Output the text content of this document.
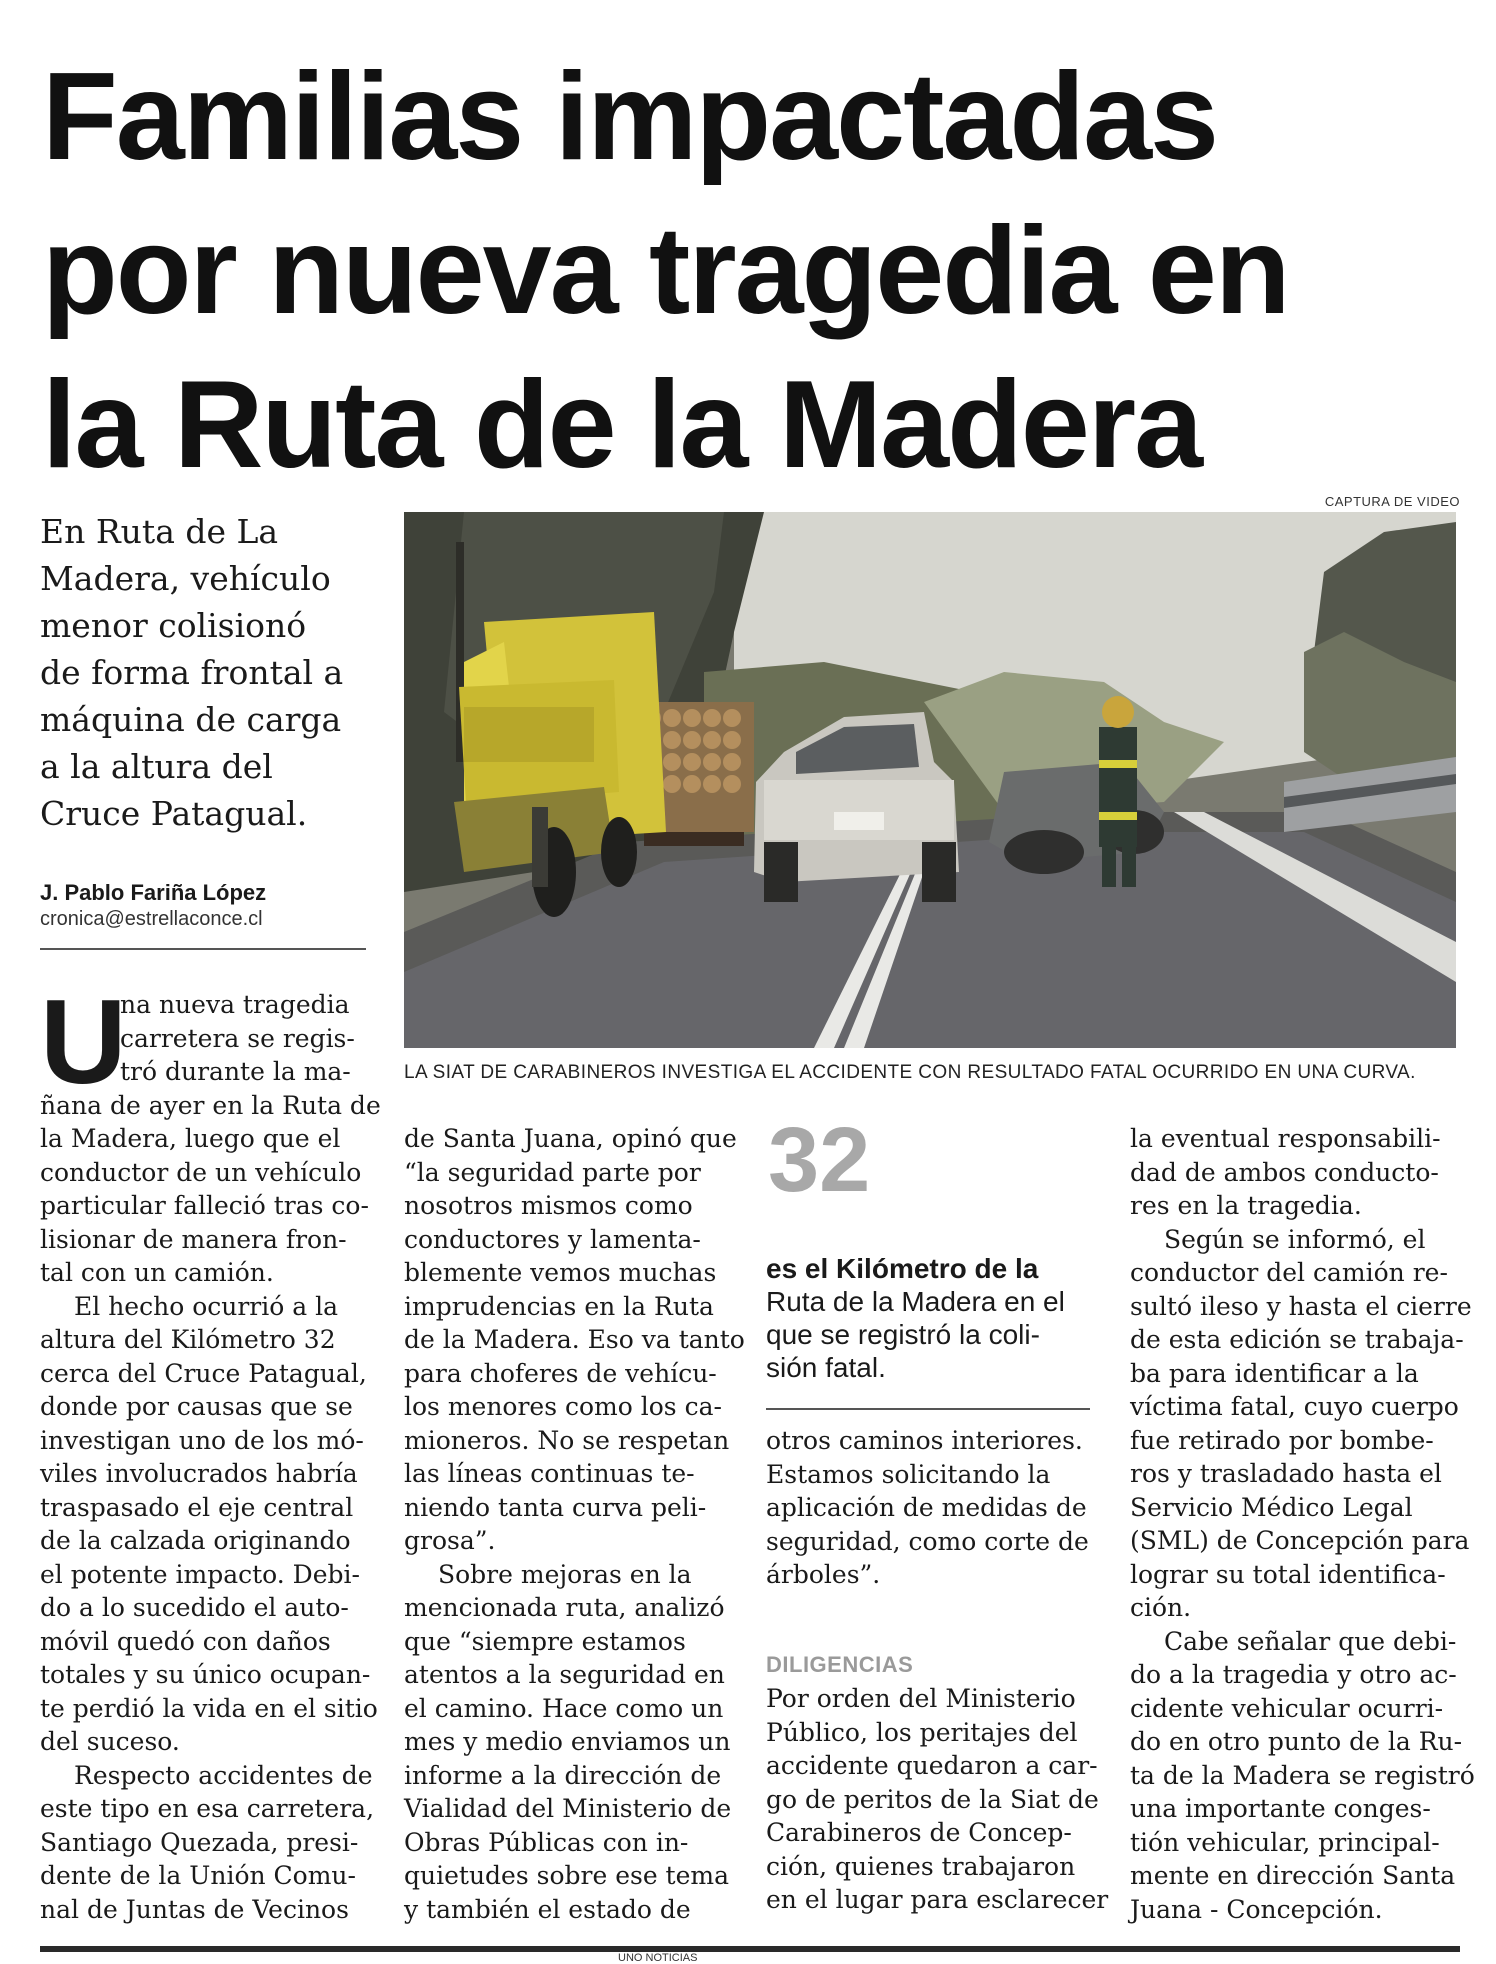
Familias impactadas
por nueva tragedia en
la Ruta de la Madera
CAPTURA DE VIDEO
LA SIAT DE CARABINEROS INVESTIGA EL ACCIDENTE CON RESULTADO FATAL OCURRIDO EN UNA CURVA.
En Ruta de La
Madera, vehículo
menor colisionó
de forma frontal a
máquina de carga
a la altura del
Cruce Patagual.
J. Pablo Fariña López
cronica@estrellaconce.cl
U
na nueva tragedia
carretera se regis-
tró durante la ma-
ñana de ayer en la Ruta de
la Madera, luego que el
conductor de un vehículo
particular falleció tras co-
lisionar de manera fron-
tal con un camión.
El hecho ocurrió a la
altura del Kilómetro 32
cerca del Cruce Patagual,
donde por causas que se
investigan uno de los mó-
viles involucrados habría
traspasado el eje central
de la calzada originando
el potente impacto. Debi-
do a lo sucedido el auto-
móvil quedó con daños
totales y su único ocupan-
te perdió la vida en el sitio
del suceso.
Respecto accidentes de
este tipo en esa carretera,
Santiago Quezada, presi-
dente de la Unión Comu-
nal de Juntas de Vecinos
de Santa Juana, opinó que
“la seguridad parte por
nosotros mismos como
conductores y lamenta-
blemente vemos muchas
imprudencias en la Ruta
de la Madera. Eso va tanto
para choferes de vehícu-
los menores como los ca-
mioneros. No se respetan
las líneas continuas te-
niendo tanta curva peli-
grosa”.
Sobre mejoras en la
mencionada ruta, analizó
que “siempre estamos
atentos a la seguridad en
el camino. Hace como un
mes y medio enviamos un
informe a la dirección de
Vialidad del Ministerio de
Obras Públicas con in-
quietudes sobre ese tema
y también el estado de
32
es el Kilómetro de la
Ruta de la Madera en el
que se registró la coli-
sión fatal.
otros caminos interiores.
Estamos solicitando la
aplicación de medidas de
seguridad, como corte de
árboles”.
DILIGENCIAS
Por orden del Ministerio
Público, los peritajes del
accidente quedaron a car-
go de peritos de la Siat de
Carabineros de Concep-
ción, quienes trabajaron
en el lugar para esclarecer
la eventual responsabili-
dad de ambos conducto-
res en la tragedia.
Según se informó, el
conductor del camión re-
sultó ileso y hasta el cierre
de esta edición se trabaja-
ba para identificar a la
víctima fatal, cuyo cuerpo
fue retirado por bombe-
ros y trasladado hasta el
Servicio Médico Legal
(SML) de Concepción para
lograr su total identifica-
ción.
Cabe señalar que debi-
do a la tragedia y otro ac-
cidente vehicular ocurri-
do en otro punto de la Ru-
ta de la Madera se registró
una importante conges-
tión vehicular, principal-
mente en dirección Santa
Juana - Concepción.
UNO NOTICIAS
